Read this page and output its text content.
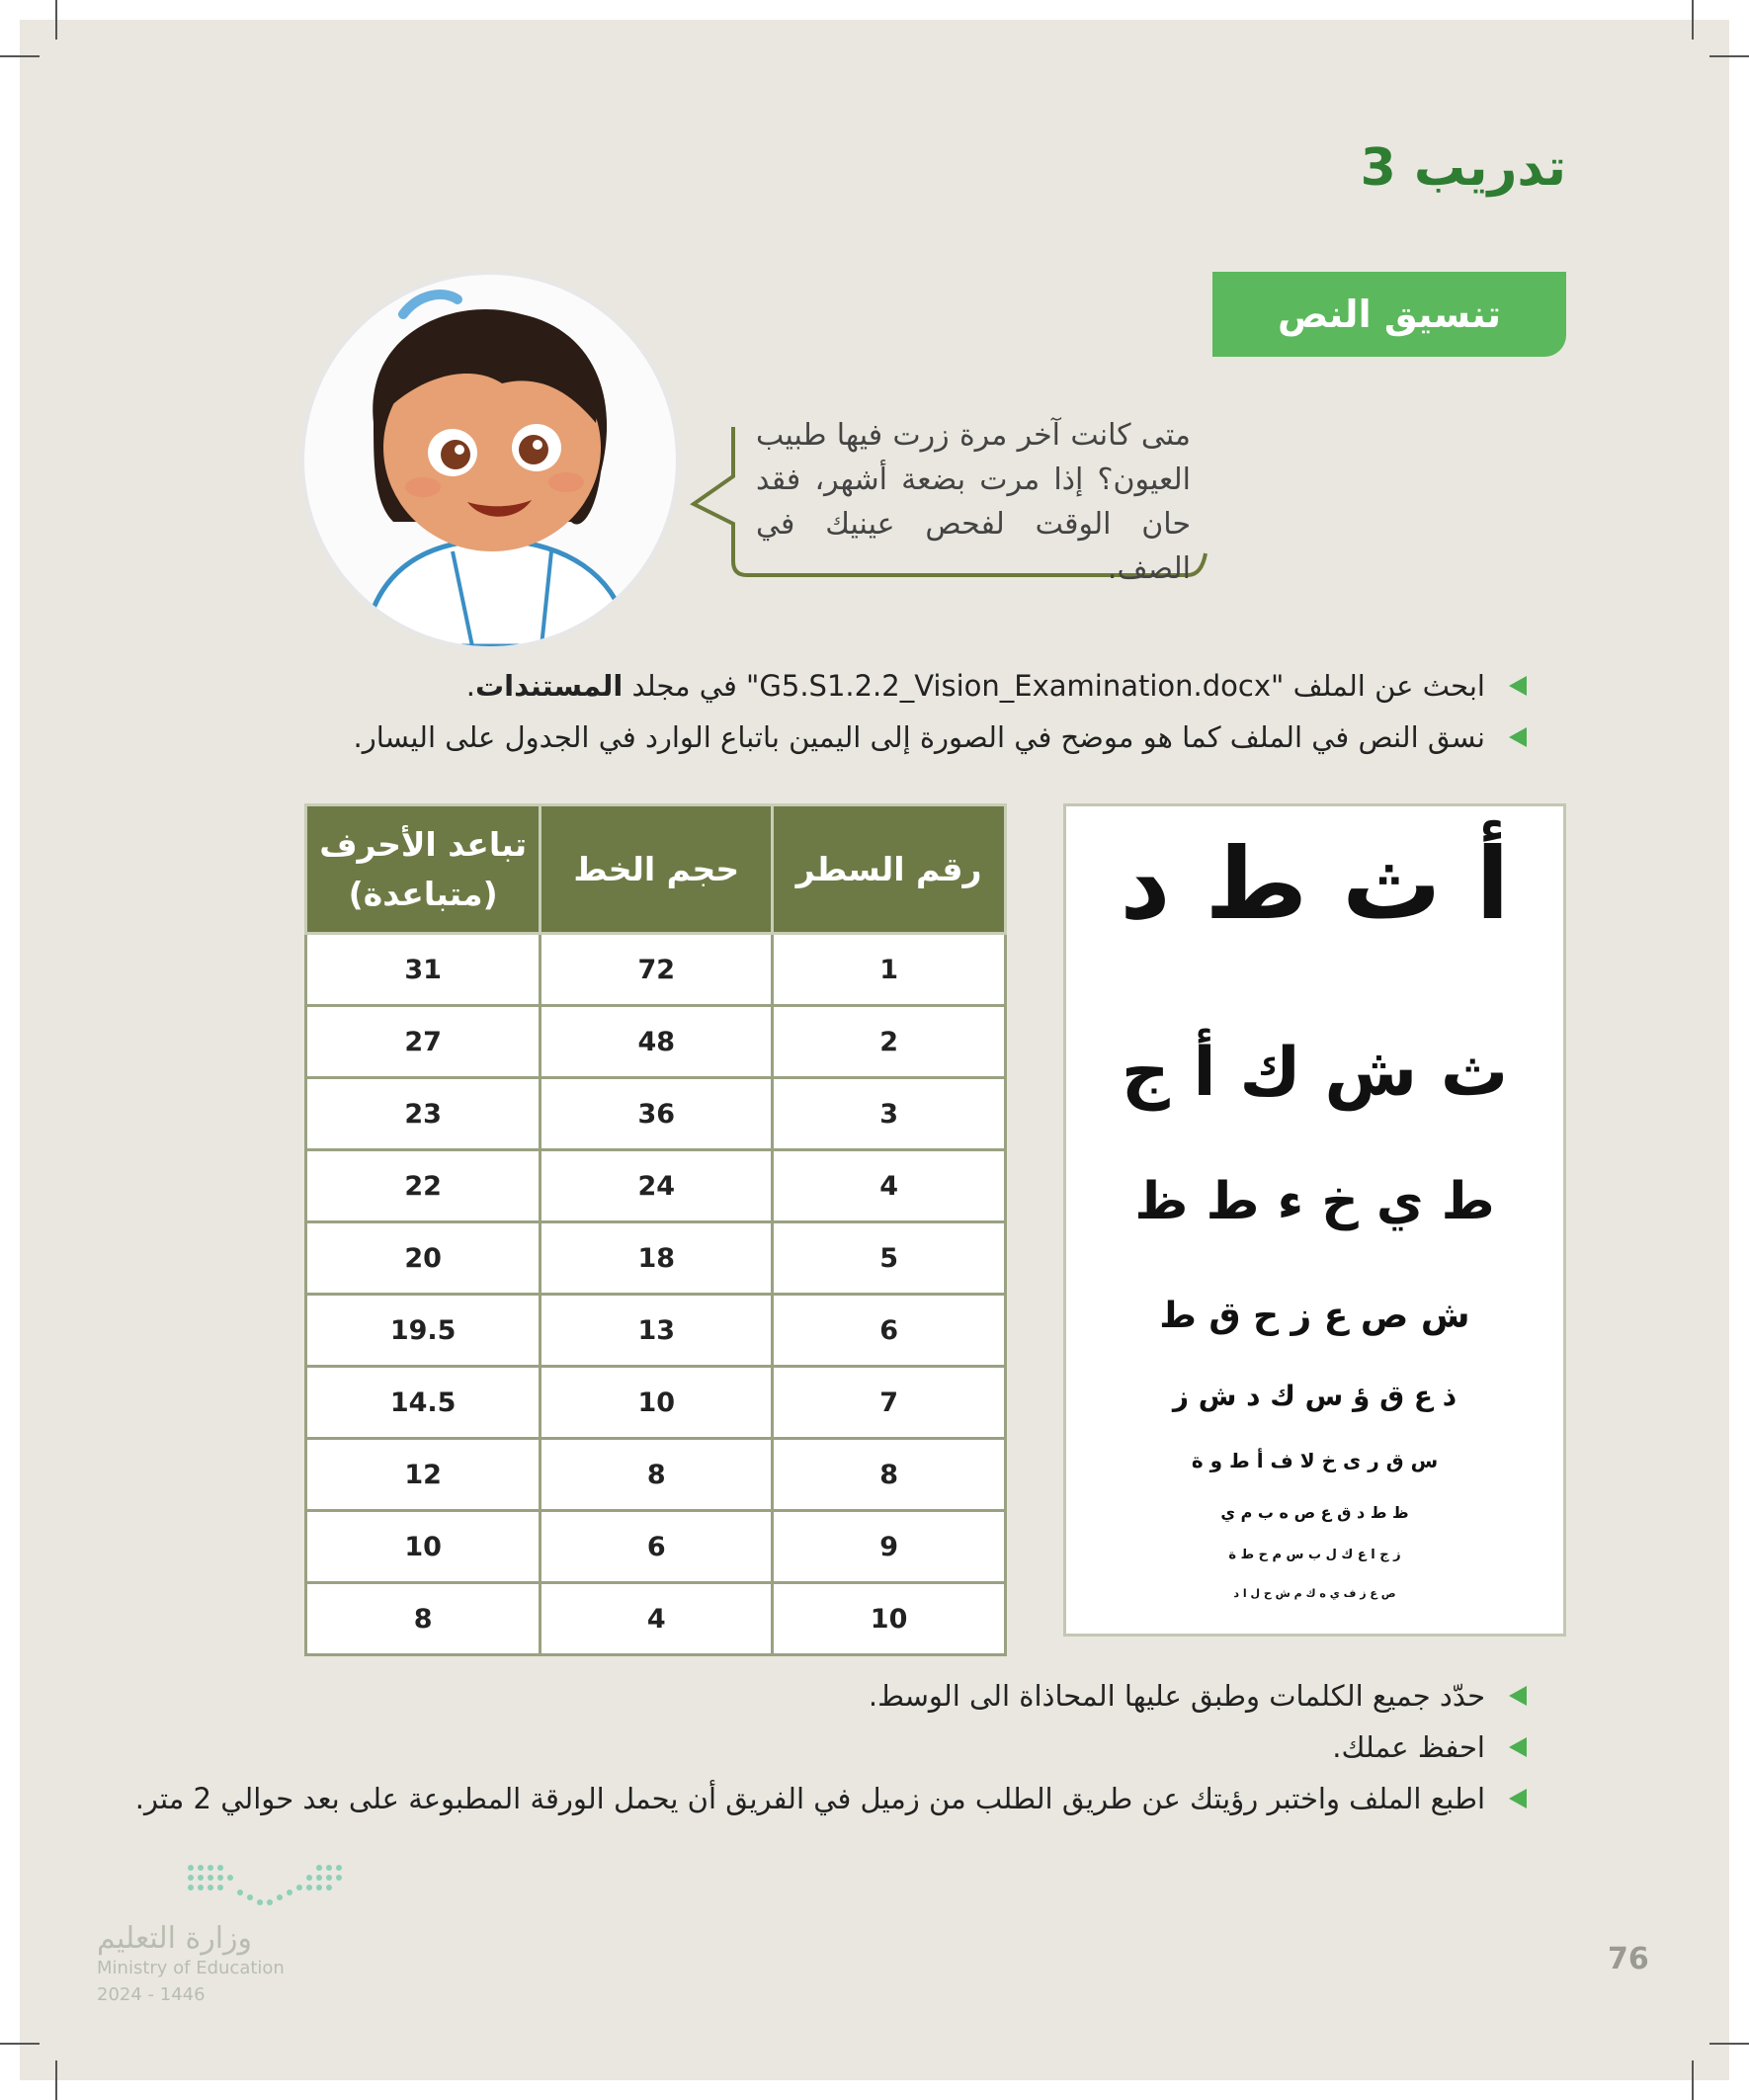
تدريب 3
تنسيق النص
متى كانت آخر مرة زرت فيها طبيب العيون؟ إذا مرت بضعة أشهر، فقد حان الوقت لفحص عينيك في الصف.
ابحث عن الملف "G5.S1.2.2_Vision_Examination.docx" في مجلد المستندات.
نسق النص في الملف كما هو موضح في الصورة إلى اليمين باتباع الوارد في الجدول على اليسار.
رقم السطر	حجم الخط	تباعد الأحرف (متباعدة)
1	72	31
2	48	27
3	36	23
4	24	22
5	18	20
6	13	19.5
7	10	14.5
8	8	12
9	6	10
10	4	8
أ ث ط د
ث ش ك أ ج
ط ي خ ء ط ظ
ش ص ع ز ح ق ط
ذ ع ق ؤ س ك د ش ز
س ق ر ى خ لا ف أ ط و ة
ظ ط د ق ع ص ه ب م ي
ز ج ا ع ك ل ب س م ح ط ة
ص ع ز ف ي ه ك م ش ح ل ا د
حدّد جميع الكلمات وطبق عليها المحاذاة الى الوسط.
احفظ عملك.
اطبع الملف واختبر رؤيتك عن طريق الطلب من زميل في الفريق أن يحمل الورقة المطبوعة على بعد حوالي 2 متر.
وزارة التعليم
Ministry of Education
2024 - 1446
76
